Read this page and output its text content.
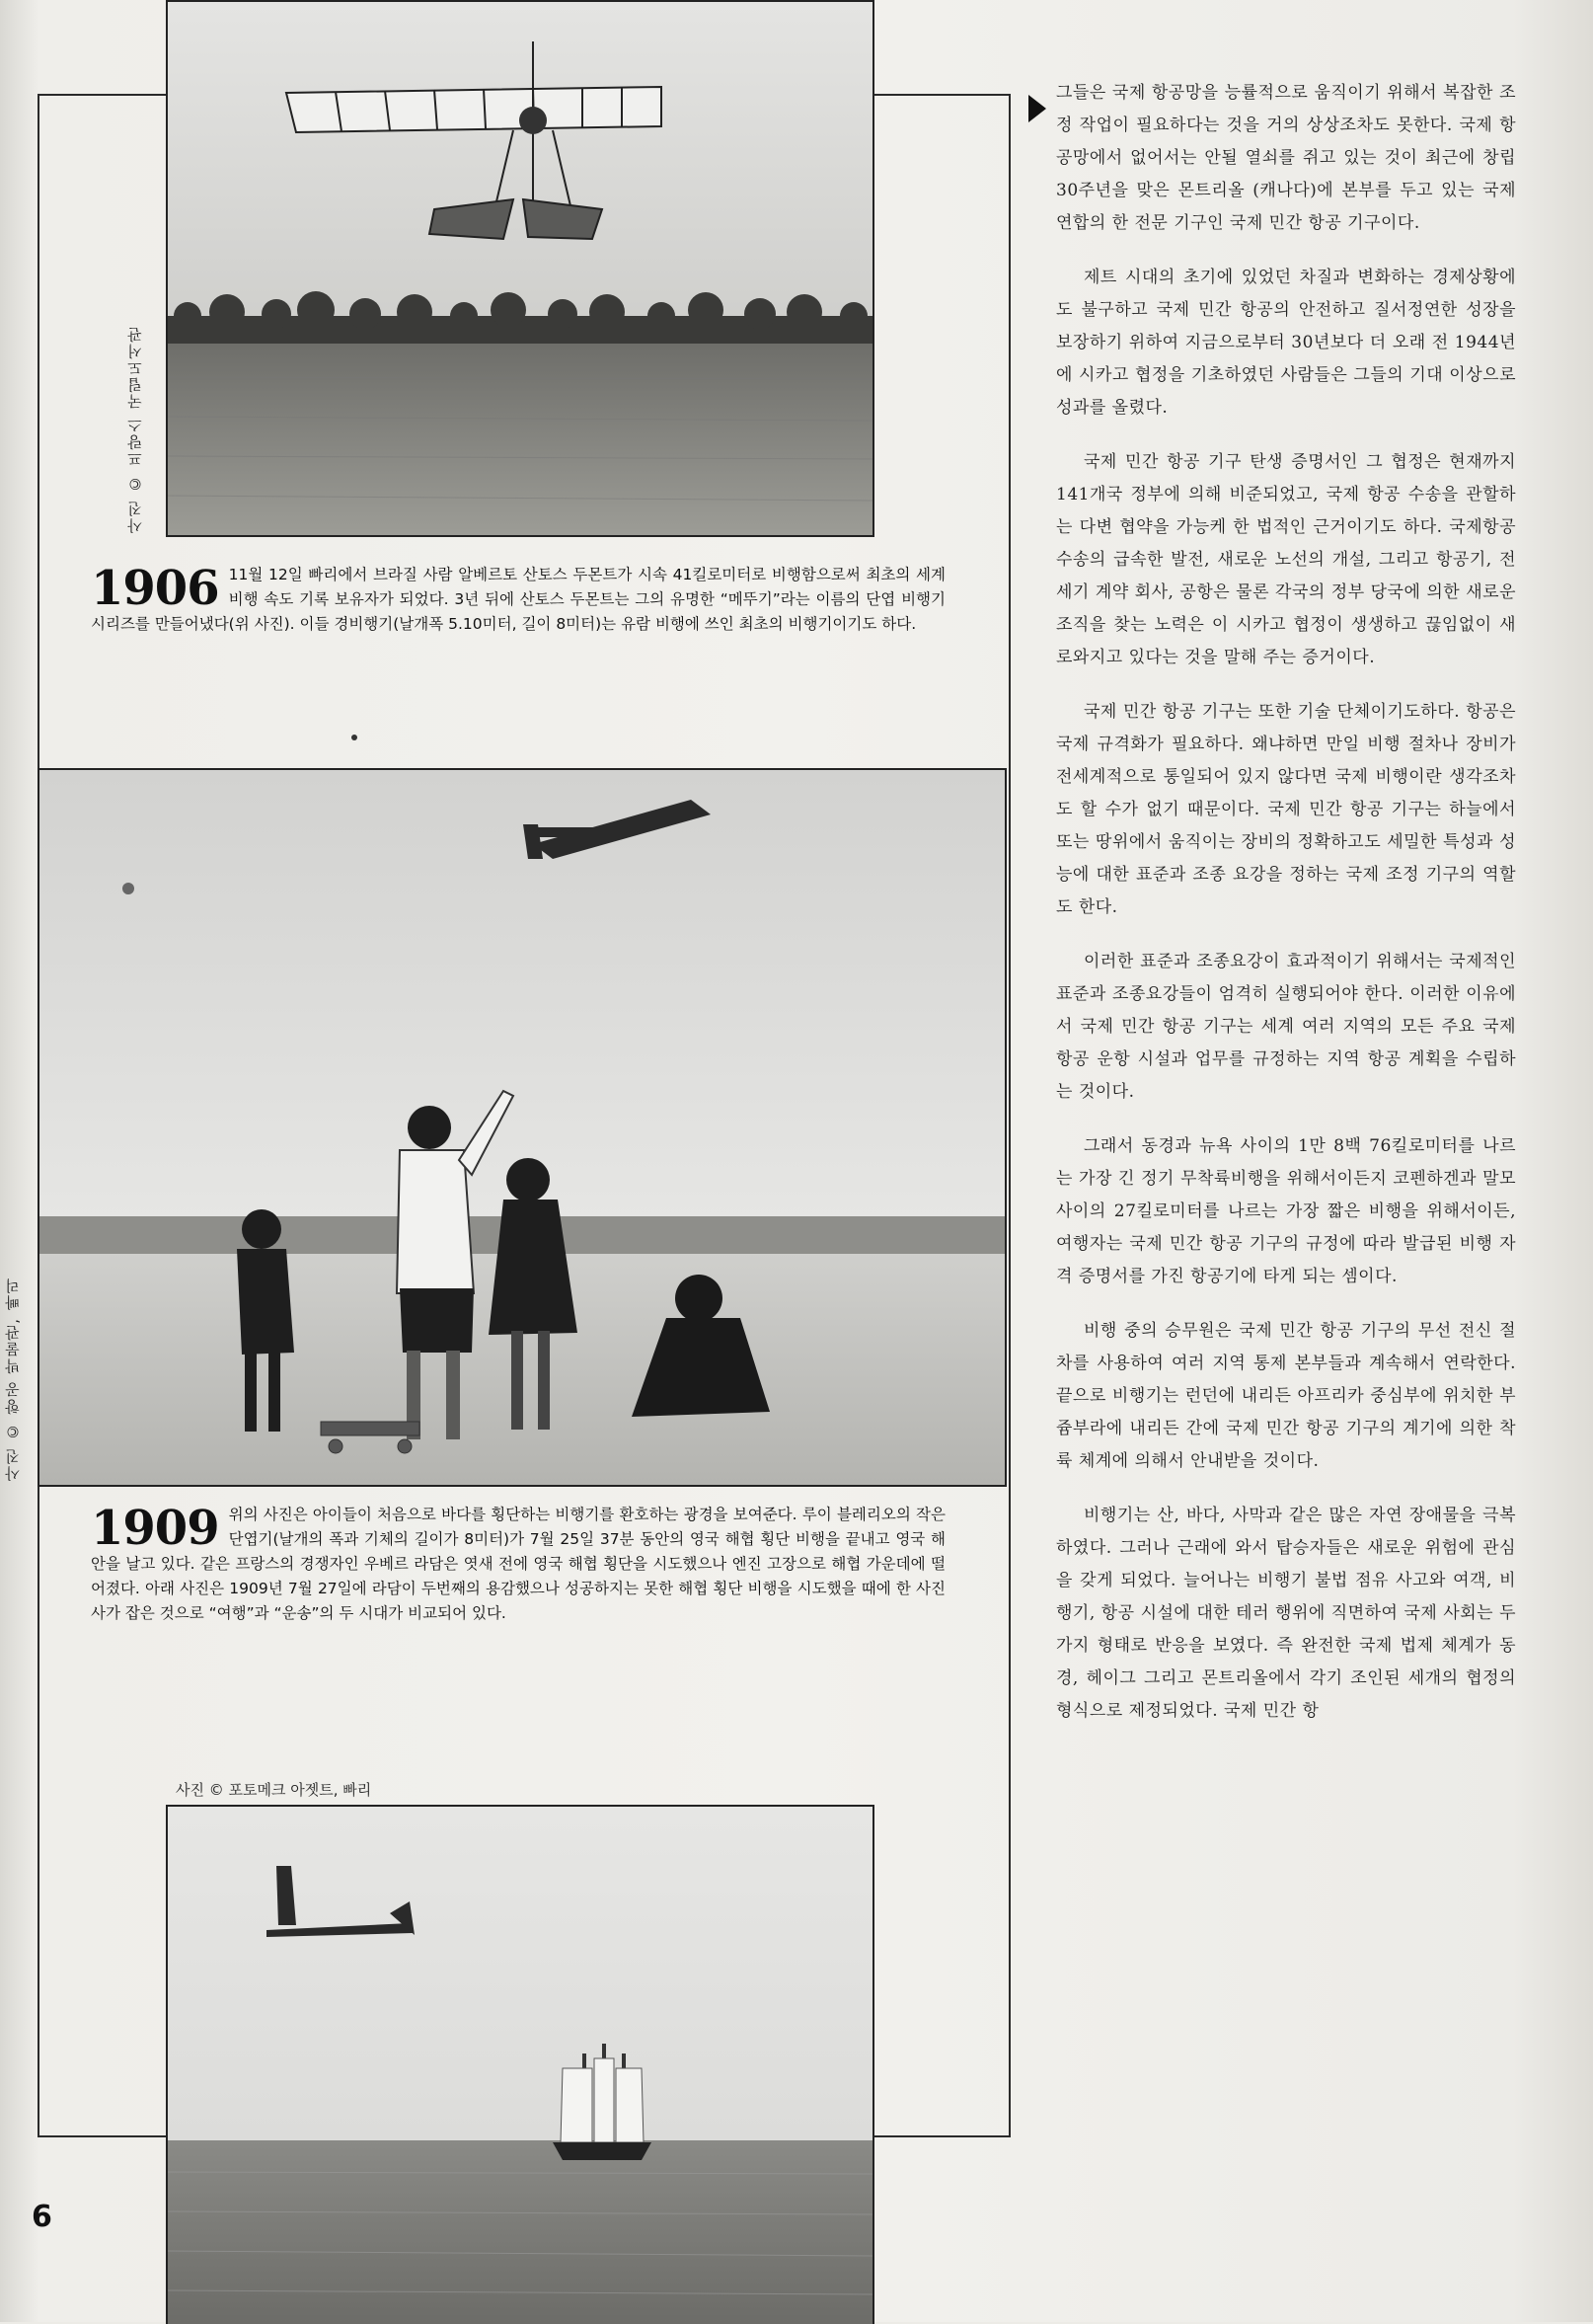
사진 © 프랑스 국립도서관
1906 11월 12일 빠리에서 브라질 사람 알베르토 산토스 두몬트가 시속 41킬로미터로 비행함으로써 최초의 세계 비행 속도 기록 보유자가 되었다. 3년 뒤에 산토스 두몬트는 그의 유명한 “메뚜기”라는 이름의 단엽 비행기 시리즈를 만들어냈다(위 사진). 이들 경비행기(날개폭 5.10미터, 길이 8미터)는 유람 비행에 쓰인 최초의 비행기이기도 하다.
사진 © 항공 박물관, 빠리
1909 위의 사진은 아이들이 처음으로 바다를 횡단하는 비행기를 환호하는 광경을 보여준다. 루이 블레리오의 작은 단엽기(날개의 폭과 기체의 길이가 8미터)가 7월 25일 37분 동안의 영국 해협 횡단 비행을 끝내고 영국 해안을 날고 있다. 같은 프랑스의 경쟁자인 우베르 라담은 엿새 전에 영국 해협 횡단을 시도했으나 엔진 고장으로 해협 가운데에 떨어졌다. 아래 사진은 1909년 7월 27일에 라담이 두번째의 용감했으나 성공하지는 못한 해협 횡단 비행을 시도했을 때에 한 사진사가 잡은 것으로 “여행”과 “운송”의 두 시대가 비교되어 있다.
사진 © 포토메크 아젯트, 빠리

그들은 국제 항공망을 능률적으로 움직이기 위해서 복잡한 조정 작업이 필요하다는 것을 거의 상상조차도 못한다. 국제 항공망에서 없어서는 안될 열쇠를 쥐고 있는 것이 최근에 창립 30주년을 맞은 몬트리올 (캐나다)에 본부를 두고 있는 국제 연합의 한 전문 기구인 국제 민간 항공 기구이다.

제트 시대의 초기에 있었던 차질과 변화하는 경제상황에도 불구하고 국제 민간 항공의 안전하고 질서정연한 성장을 보장하기 위하여 지금으로부터 30년보다 더 오래 전 1944년에 시카고 협정을 기초하였던 사람들은 그들의 기대 이상으로 성과를 올렸다.

국제 민간 항공 기구 탄생 증명서인 그 협정은 현재까지 141개국 정부에 의해 비준되었고, 국제 항공 수송을 관할하는 다변 협약을 가능케 한 법적인 근거이기도 하다. 국제항공수송의 급속한 발전, 새로운 노선의 개설, 그리고 항공기, 전세기 계약 회사, 공항은 물론 각국의 정부 당국에 의한 새로운 조직을 찾는 노력은 이 시카고 협정이 생생하고 끊임없이 새로와지고 있다는 것을 말해 주는 증거이다.

국제 민간 항공 기구는 또한 기술 단체이기도하다. 항공은 국제 규격화가 필요하다. 왜냐하면 만일 비행 절차나 장비가 전세계적으로 통일되어 있지 않다면 국제 비행이란 생각조차도 할 수가 없기 때문이다. 국제 민간 항공 기구는 하늘에서 또는 땅위에서 움직이는 장비의 정확하고도 세밀한 특성과 성능에 대한 표준과 조종 요강을 정하는 국제 조정 기구의 역할도 한다.

이러한 표준과 조종요강이 효과적이기 위해서는 국제적인 표준과 조종요강들이 엄격히 실행되어야 한다. 이러한 이유에서 국제 민간 항공 기구는 세계 여러 지역의 모든 주요 국제 항공 운항 시설과 업무를 규정하는 지역 항공 계획을 수립하는 것이다.

그래서 동경과 뉴욕 사이의 1만 8백 76킬로미터를 나르는 가장 긴 정기 무착륙비행을 위해서이든지 코펜하겐과 말모 사이의 27킬로미터를 나르는 가장 짧은 비행을 위해서이든, 여행자는 국제 민간 항공 기구의 규정에 따라 발급된 비행 자격 증명서를 가진 항공기에 타게 되는 셈이다.

비행 중의 승무원은 국제 민간 항공 기구의 무선 전신 절차를 사용하여 여러 지역 통제 본부들과 계속해서 연락한다. 끝으로 비행기는 런던에 내리든 아프리카 중심부에 위치한 부쥼부라에 내리든 간에 국제 민간 항공 기구의 계기에 의한 착륙 체계에 의해서 안내받을 것이다.

비행기는 산, 바다, 사막과 같은 많은 자연 장애물을 극복하였다. 그러나 근래에 와서 탑승자들은 새로운 위험에 관심을 갖게 되었다. 늘어나는 비행기 불법 점유 사고와 여객, 비행기, 항공 시설에 대한 테러 행위에 직면하여 국제 사회는 두 가지 형태로 반응을 보였다. 즉 완전한 국제 법제 체계가 동경, 헤이그 그리고 몬트리올에서 각기 조인된 세개의 협정의 형식으로 제정되었다. 국제 민간 항

6
